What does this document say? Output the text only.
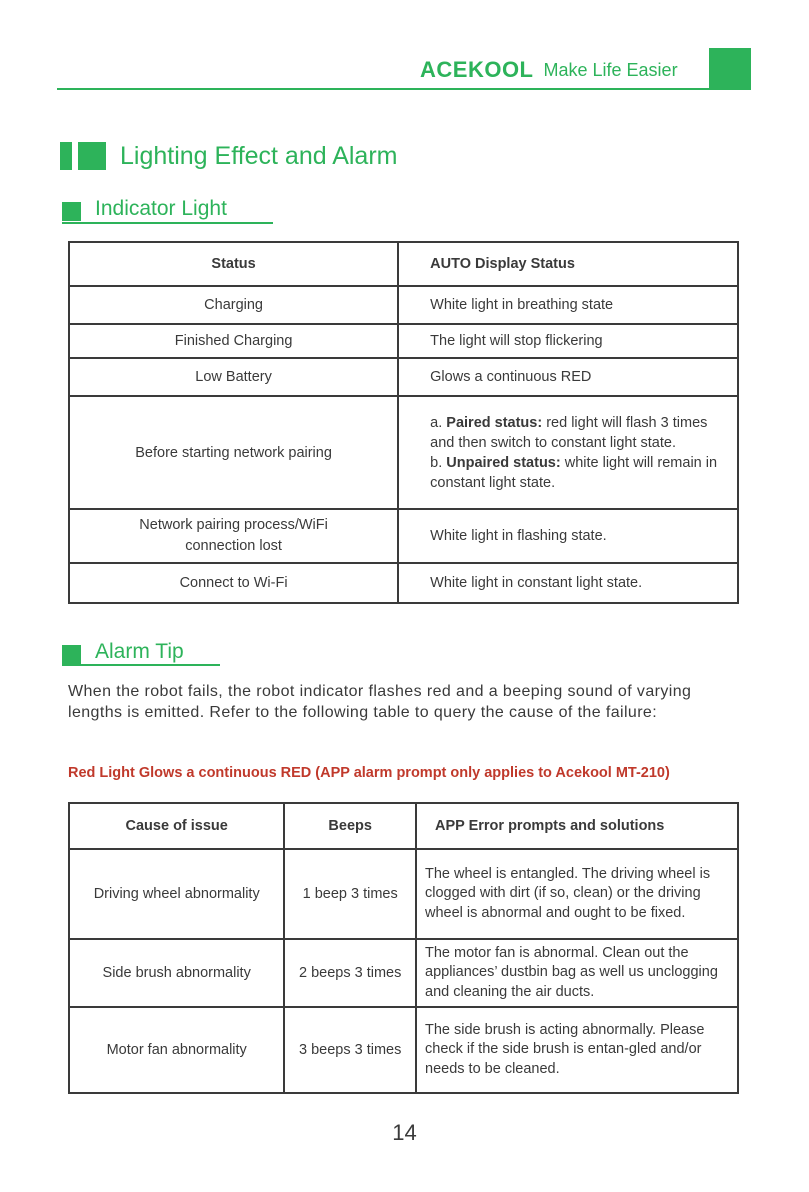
ACEKOOL Make Life Easier
Lighting Effect and Alarm
Indicator Light
Status	AUTO Display Status
Charging	White light in breathing state
Finished Charging	The light will stop flickering
Low Battery	Glows a continuous RED
Before starting network pairing	a. Paired status: red light will flash 3 times and then switch to constant light state.
b. Unpaired status: white light will remain in constant light state.
Network pairing process/WiFi connection lost	White light in flashing state.
Connect to Wi-Fi	White light in constant light state.
Alarm Tip
When the robot fails, the robot indicator flashes red and a beeping sound of varying lengths is emitted. Refer to the following table to query the cause of the failure:
Red Light Glows a continuous RED (APP alarm prompt only applies to Acekool MT-210)
Cause of issue	Beeps	APP Error prompts and solutions
Driving wheel abnormality	1 beep 3 times	The wheel is entangled. The driving wheel is clogged with dirt (if so, clean) or the driving wheel is abnormal and ought to be fixed.
Side brush abnormality	2 beeps 3 times	The motor fan is abnormal. Clean out the appliances’ dustbin bag as well us unclogging and cleaning the air ducts.
Motor fan abnormality	3 beeps 3 times	The side brush is acting abnormally. Please check if the side brush is entan-gled and/or needs to be cleaned.
14
